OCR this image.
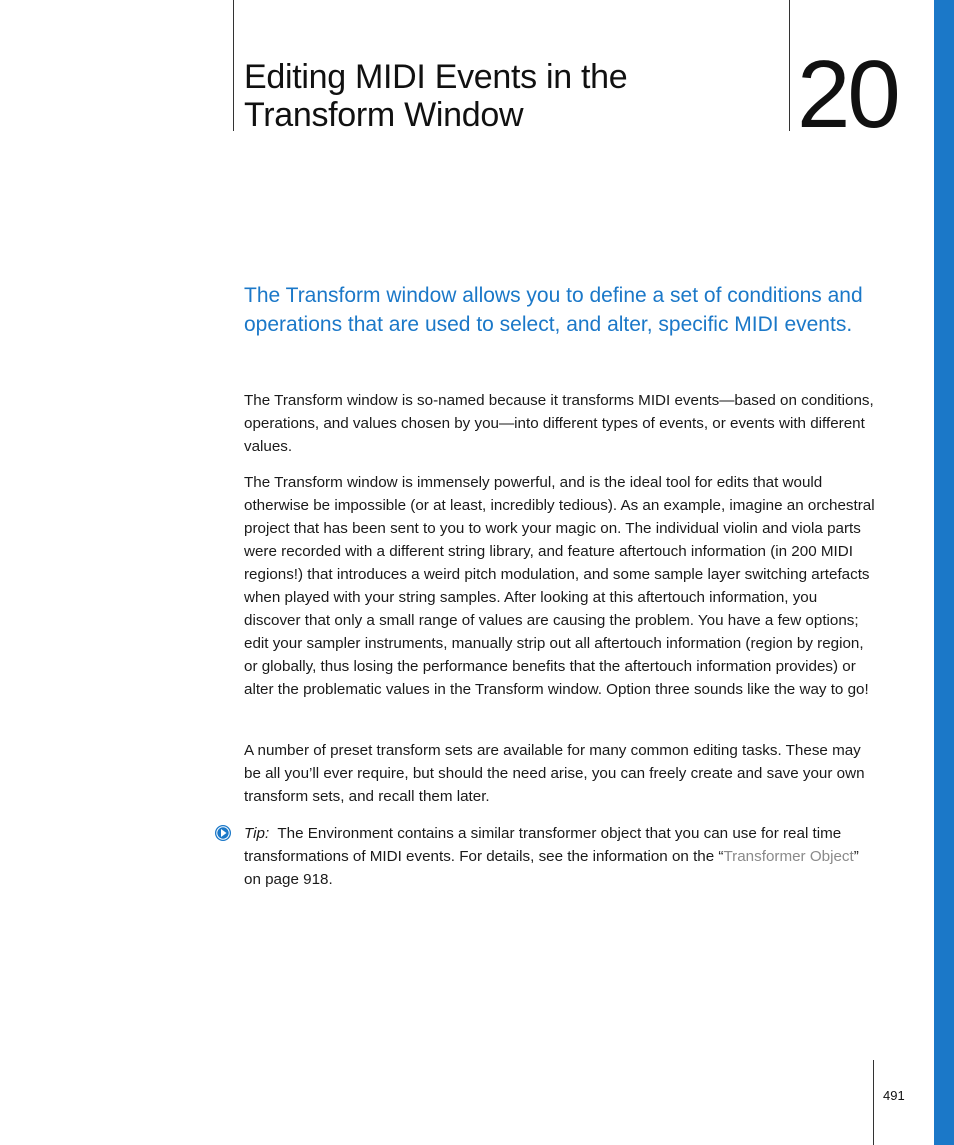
Editing MIDI Events in the
Transform Window	20

The Transform window allows you to define a set of conditions and operations that are used to select, and alter, specific MIDI events.

The Transform window is so-named because it transforms MIDI events—based on conditions, operations, and values chosen by you—into different types of events, or events with different values.

The Transform window is immensely powerful, and is the ideal tool for edits that would otherwise be impossible (or at least, incredibly tedious). As an example, imagine an orchestral project that has been sent to you to work your magic on. The individual violin and viola parts were recorded with a different string library, and feature aftertouch information (in 200 MIDI regions!) that introduces a weird pitch modulation, and some sample layer switching artefacts when played with your string samples. After looking at this aftertouch information, you discover that only a small range of values are causing the problem. You have a few options; edit your sampler instruments, manually strip out all aftertouch information (region by region, or globally, thus losing the performance benefits that the aftertouch information provides) or alter the problematic values in the Transform window. Option three sounds like the way to go!

A number of preset transform sets are available for many common editing tasks. These may be all you’ll ever require, but should the need arise, you can freely create and save your own transform sets, and recall them later.

Tip: The Environment contains a similar transformer object that you can use for real time transformations of MIDI events. For details, see the information on the “Transformer Object” on page 918.

491
